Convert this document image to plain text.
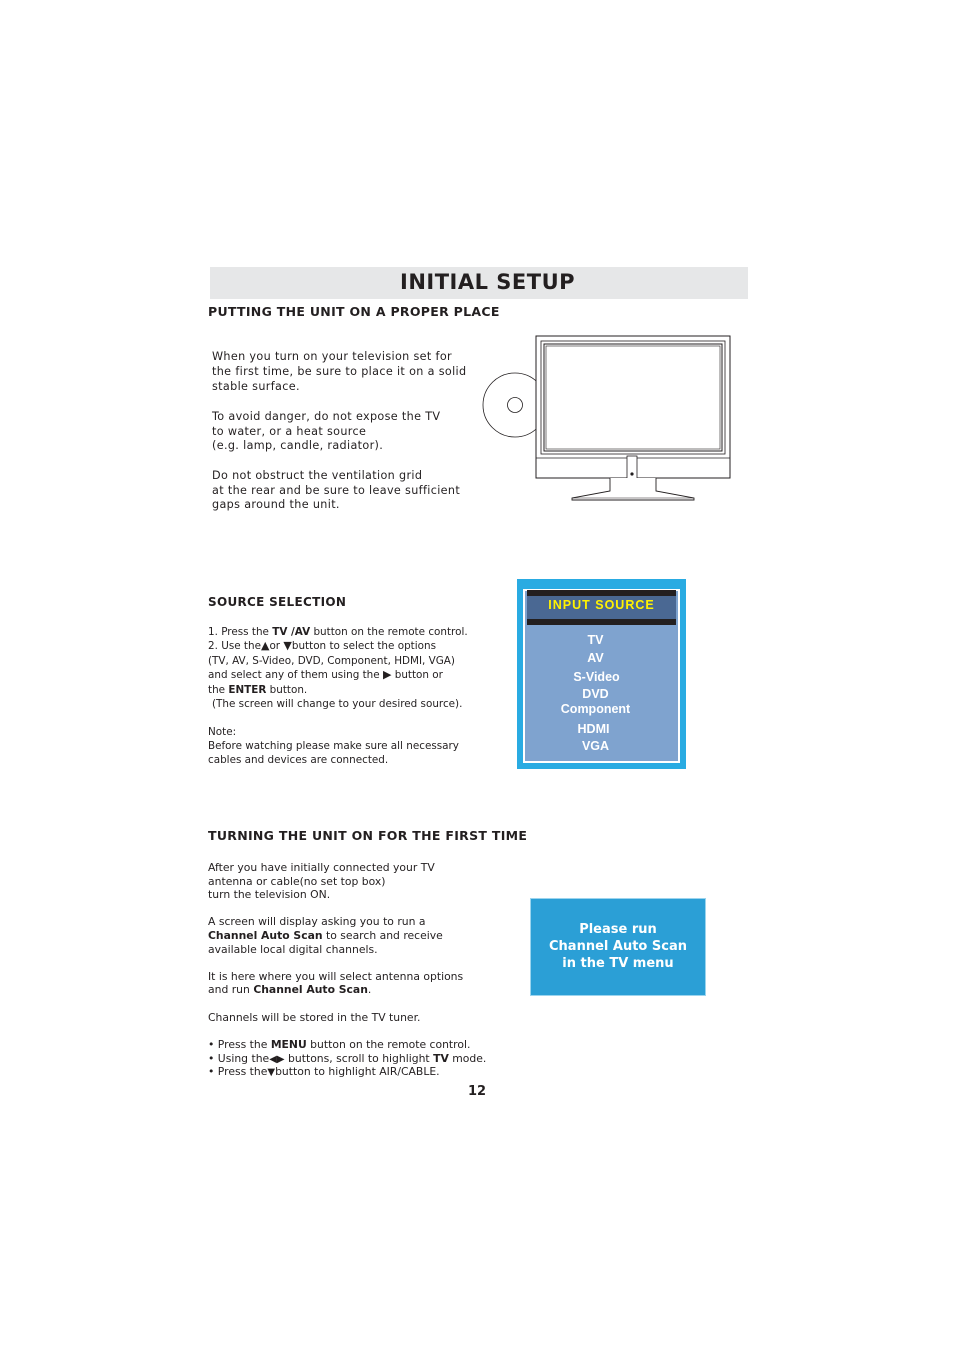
INITIAL SETUP
PUTTING THE UNIT ON A PROPER PLACE
When you turn on your television set for
the first time, be sure to place it on a solid
stable surface.
To avoid danger, do not expose the TV
to water, or a heat source
(e.g. lamp, candle, radiator).
Do not obstruct the ventilation grid
at the rear and be sure to leave sufficient
gaps around the unit.
SOURCE SELECTION
1. Press the TV /AV button on the remote control.
2. Use the▲or ▼button to select the options
(TV, AV, S-Video, DVD, Component, HDMI, VGA)
and select any of them using the ▶ button or
the ENTER button.
(The screen will change to your desired source).
Note:
Before watching please make sure all necessary
cables and devices are connected.
INPUT SOURCE
TV
AV
S-Video
DVD
Component
HDMI
VGA
TURNING THE UNIT ON FOR THE FIRST TIME
After you have initially connected your TV
antenna or cable(no set top box)
turn the television ON.
A screen will display asking you to run a
Channel Auto Scan to search and receive
available local digital channels.
It is here where you will select antenna options
and run Channel Auto Scan.
Channels will be stored in the TV tuner.
• Press the MENU button on the remote control.
• Using the◀▶ buttons, scroll to highlight TV mode.
• Press the▼button to highlight AIR/CABLE.
Please run
Channel Auto Scan
in the TV menu
12
